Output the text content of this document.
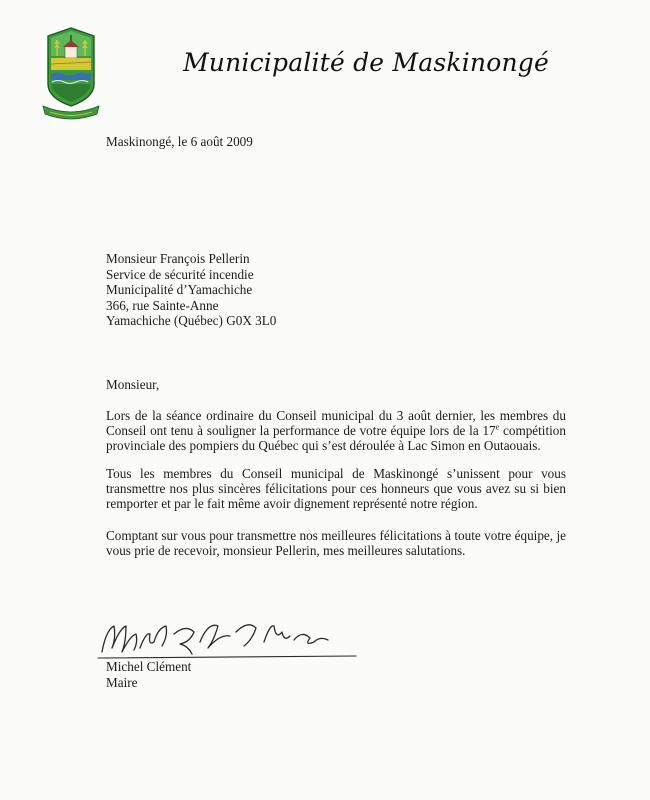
Municipalité de Maskinongé
Maskinongé, le 6 août 2009
Monsieur François Pellerin
Service de sécurité incendie
Municipalité d’Yamachiche
366, rue Sainte-Anne
Yamachiche (Québec) G0X 3L0
Monsieur,
Lors de la séance ordinaire du Conseil municipal du 3 août dernier, les membres du Conseil ont tenu à souligner la performance de votre équipe lors de la 17e compétition provinciale des pompiers du Québec qui s’est déroulée à Lac Simon en Outaouais.
Tous les membres du Conseil municipal de Maskinongé s’unissent pour vous transmettre nos plus sincères félicitations pour ces honneurs que vous avez su si bien remporter et par le fait même avoir dignement représenté notre région.
Comptant sur vous pour transmettre nos meilleures félicitations à toute votre équipe, je vous prie de recevoir, monsieur Pellerin, mes meilleures salutations.
Michel Clément
Maire
